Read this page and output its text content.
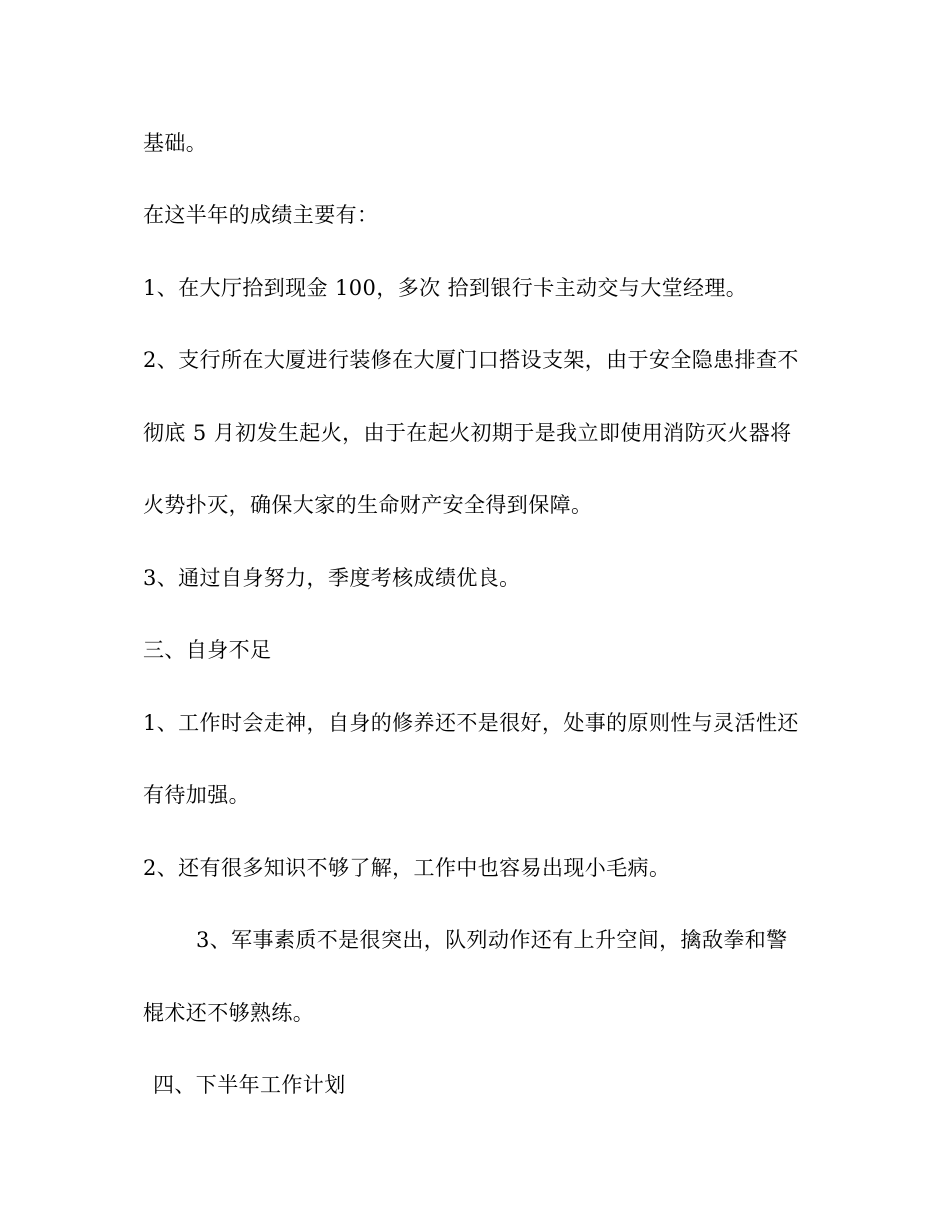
基础。
在这半年的成绩主要有：
1、在大厅拾到现金 100，多次 拾到银行卡主动交与大堂经理。
2、支行所在大厦进行装修在大厦门口搭设支架，由于安全隐患排查不
彻底 5 月初发生起火，由于在起火初期于是我立即使用消防灭火器将
火势扑灭，确保大家的生命财产安全得到保障。
3、通过自身努力，季度考核成绩优良。
三、自身不足
1、工作时会走神，自身的修养还不是很好，处事的原则性与灵活性还
有待加强。
2、还有很多知识不够了解，工作中也容易出现小毛病。
3、军事素质不是很突出，队列动作还有上升空间，擒敌拳和警
棍术还不够熟练。
四、下半年工作计划
